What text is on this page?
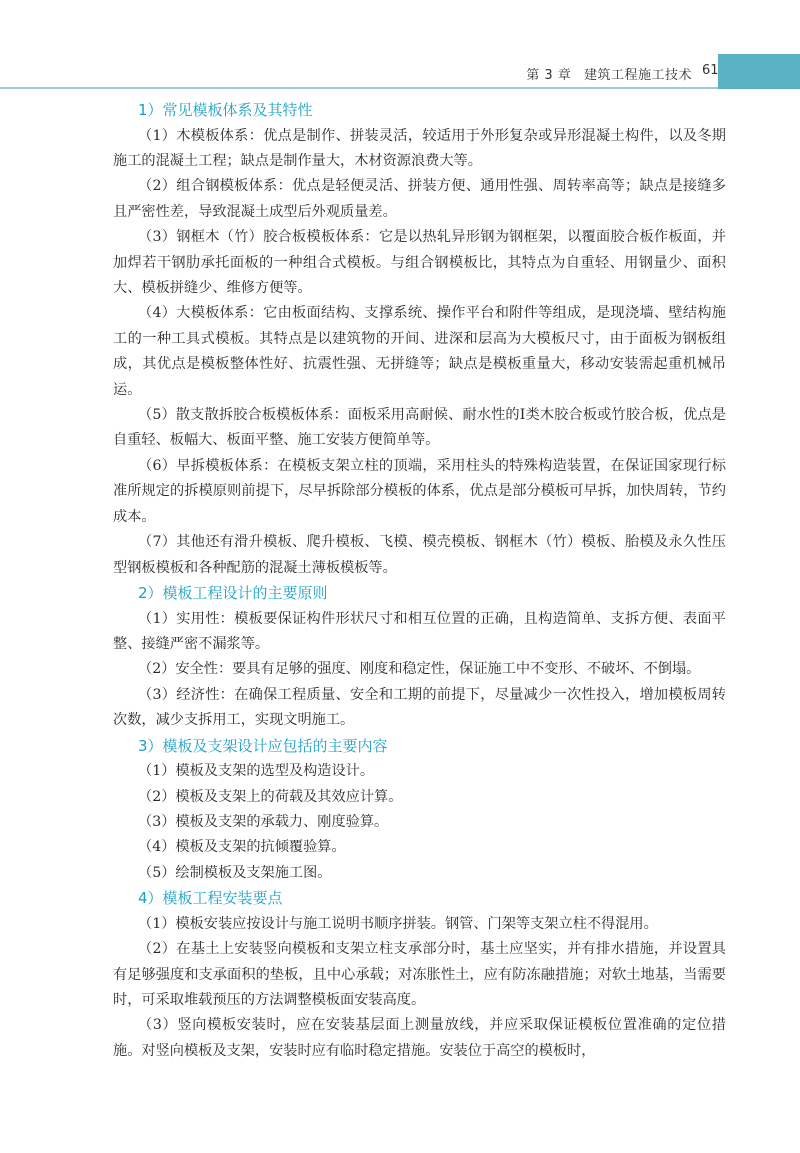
第 3 章 建筑工程施工技术 61
1）常见模板体系及其特性

（1）木模板体系：优点是制作、拼装灵活，较适用于外形复杂或异形混凝土构件，以及冬期施工的混凝土工程；缺点是制作量大，木材资源浪费大等。

（2）组合钢模板体系：优点是轻便灵活、拼装方便、通用性强、周转率高等；缺点是接缝多且严密性差，导致混凝土成型后外观质量差。

（3）钢框木（竹）胶合板模板体系：它是以热轧异形钢为钢框架，以覆面胶合板作板面，并加焊若干钢肋承托面板的一种组合式模板。与组合钢模板比，其特点为自重轻、用钢量少、面积大、模板拼缝少、维修方便等。

（4）大模板体系：它由板面结构、支撑系统、操作平台和附件等组成，是现浇墙、壁结构施工的一种工具式模板。其特点是以建筑物的开间、进深和层高为大模板尺寸，由于面板为钢板组成，其优点是模板整体性好、抗震性强、无拼缝等；缺点是模板重量大，移动安装需起重机械吊运。

（5）散支散拆胶合板模板体系：面板采用高耐候、耐水性的Ⅰ类木胶合板或竹胶合板，优点是自重轻、板幅大、板面平整、施工安装方便简单等。

（6）早拆模板体系：在模板支架立柱的顶端，采用柱头的特殊构造装置，在保证国家现行标准所规定的拆模原则前提下，尽早拆除部分模板的体系，优点是部分模板可早拆，加快周转，节约成本。

（7）其他还有滑升模板、爬升模板、飞模、模壳模板、钢框木（竹）模板、胎模及永久性压型钢板模板和各种配筋的混凝土薄板模板等。

2）模板工程设计的主要原则

（1）实用性：模板要保证构件形状尺寸和相互位置的正确，且构造简单、支拆方便、表面平整、接缝严密不漏浆等。

（2）安全性：要具有足够的强度、刚度和稳定性，保证施工中不变形、不破坏、不倒塌。

（3）经济性：在确保工程质量、安全和工期的前提下，尽量减少一次性投入，增加模板周转次数，减少支拆用工，实现文明施工。

3）模板及支架设计应包括的主要内容

（1）模板及支架的选型及构造设计。

（2）模板及支架上的荷载及其效应计算。

（3）模板及支架的承载力、刚度验算。

（4）模板及支架的抗倾覆验算。

（5）绘制模板及支架施工图。

4）模板工程安装要点

（1）模板安装应按设计与施工说明书顺序拼装。钢管、门架等支架立柱不得混用。

（2）在基土上安装竖向模板和支架立柱支承部分时，基土应坚实，并有排水措施，并设置具有足够强度和支承面积的垫板，且中心承载；对冻胀性土，应有防冻融措施；对软土地基，当需要时，可采取堆载预压的方法调整模板面安装高度。

（3）竖向模板安装时，应在安装基层面上测量放线，并应采取保证模板位置准确的定位措施。对竖向模板及支架，安装时应有临时稳定措施。安装位于高空的模板时，
